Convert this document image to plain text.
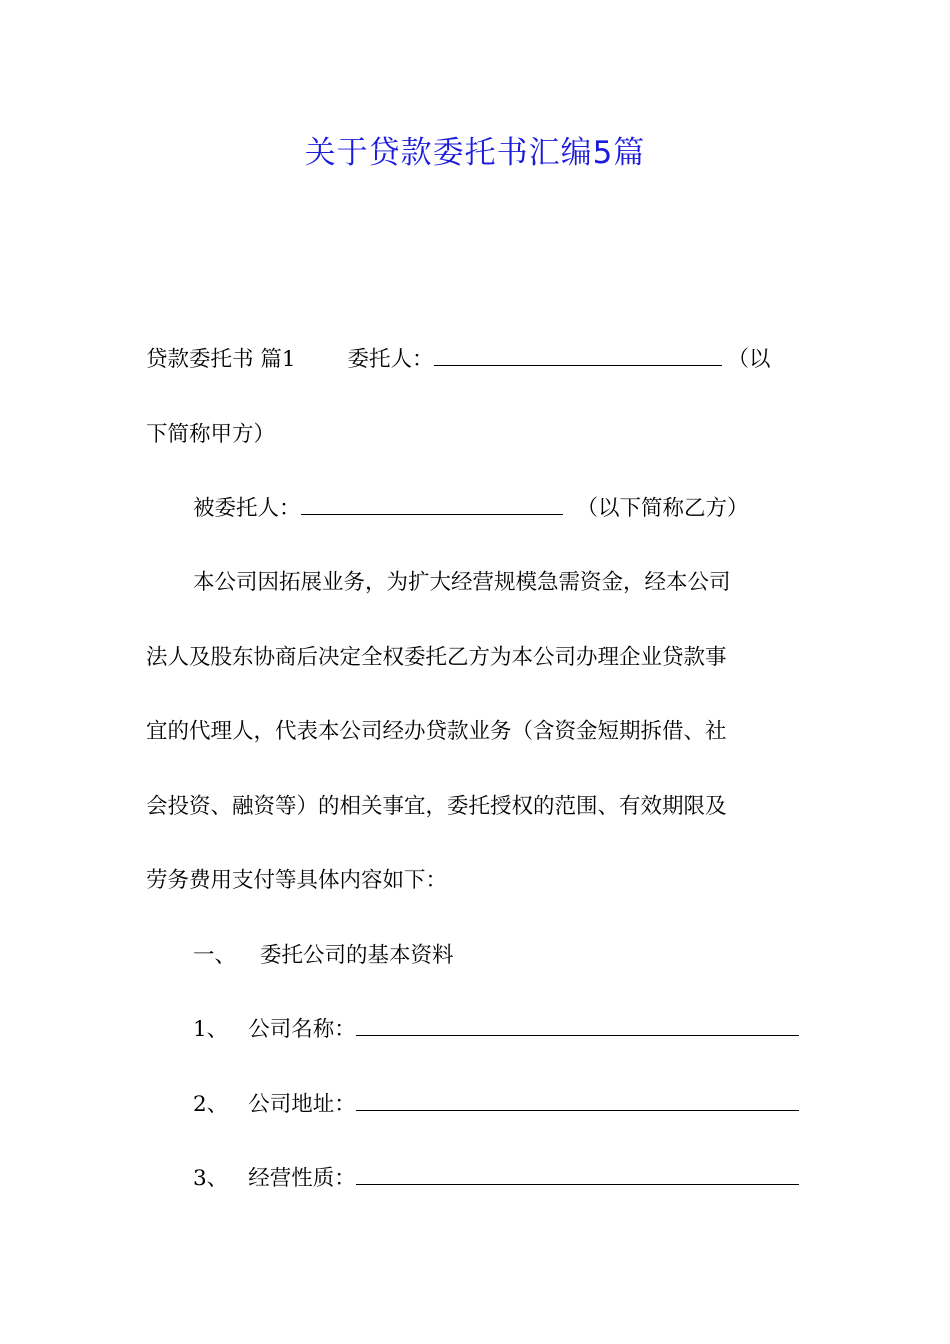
关于贷款委托书汇编5篇
贷款委托书 篇1 委托人：	（以
下简称甲方）
被委托人：	（以下简称乙方）
本公司因拓展业务，为扩大经营规模急需资金，经本公司
法人及股东协商后决定全权委托乙方为本公司办理企业贷款事
宜的代理人，代表本公司经办贷款业务（含资金短期拆借、社
会投资、融资等）的相关事宜，委托授权的范围、有效期限及
劳务费用支付等具体内容如下：
一、 委托公司的基本资料
1、 公司名称：
2、 公司地址：
3、 经营性质：
